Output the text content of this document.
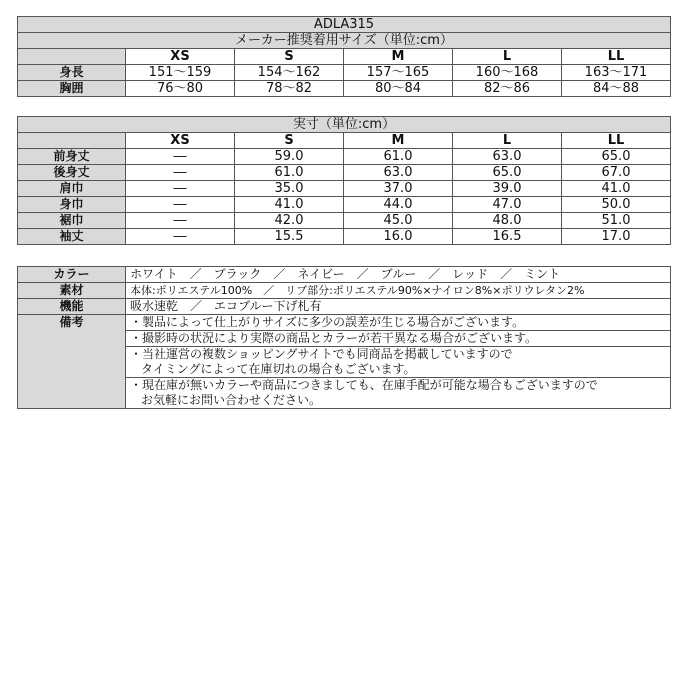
ADLA315					
メーカー推奨着用サイズ（単位:cm）					
	XS	S	M	L	LL
身長	151～159	154～162	157～165	160～168	163～171
胸囲	76～80	78～82	80～84	82～86	84～88
実寸（単位:cm）					
	XS	S	M	L	LL
前身丈	―	59.0	61.0	63.0	65.0
後身丈	―	61.0	63.0	65.0	67.0
肩巾	―	35.0	37.0	39.0	41.0
身巾	―	41.0	44.0	47.0	50.0
裾巾	―	42.0	45.0	48.0	51.0
袖丈	―	15.5	16.0	16.5	17.0
カラー	ホワイト　／　ブラック　／　ネイビー　／　ブルー　／　レッド　／　ミント
素材	本体:ポリエステル100%　／　リブ部分:ポリエステル90%×ナイロン8%×ポリウレタン2%
機能	吸水速乾　／　エコブルー下げ札有
備考	・製品によって仕上がりサイズに多少の誤差が生じる場合がございます。

	・撮影時の状況により実際の商品とカラーが若干異なる場合がございます。

	・当社運営の複数ショッピングサイトでも同商品を掲載していますので
タイミングによって在庫切れの場合もございます。

	・現在庫が無いカラーや商品につきましても、在庫手配が可能な場合もございますので
お気軽にお問い合わせください。
